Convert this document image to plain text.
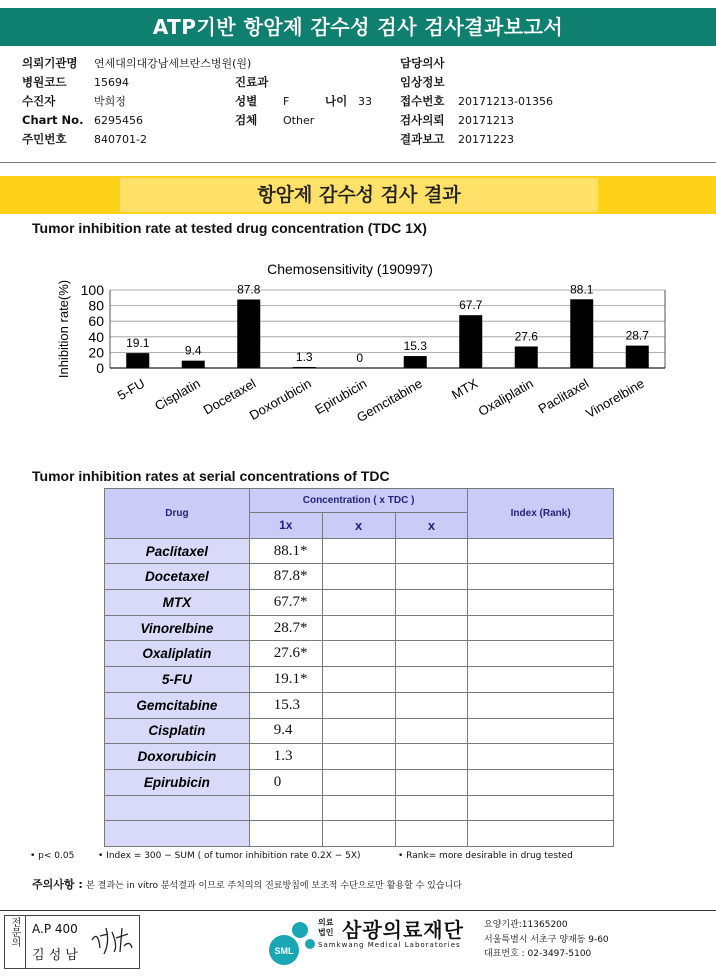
ATP기반 항암제 감수성 검사 검사결과보고서
의뢰기관명 연세대의대강남세브란스병원(원)
병원코드	15694
수진자	박희정
Chart No. 6295456
주민번호	840701-2
진료과
성별 F	나이 33
검체 Other
담당의사
임상정보
접수번호 20171213-01356
검사의뢰 20171213
결과보고 20171223
항암제 감수성 검사 결과
Tumor inhibition rate at tested drug concentration (TDC 1X)
Chemosensitivity (190997)
Inhibition rate(%) 0
20
40
60
80
100
19.1
5-FU
9.4
Cisplatin
87.8
Docetaxel
1.3
Doxorubicin
0
Epirubicin
15.3
Gemcitabine
67.7
MTX
27.6
Oxaliplatin
88.1
Paclitaxel
28.7
Vinorelbine
Tumor inhibition rates at serial concentrations of TDC
Drug	Concentration ( x TDC )			Index (Rank)
	1x	x	x	
Paclitaxel	88.1*			
Docetaxel	87.8*			
MTX	67.7*			
Vinorelbine	28.7*			
Oxaliplatin	27.6*			
5-FU	19.1*			
Gemcitabine	15.3			
Cisplatin	9.4			
Doxorubicin	1.3			
Epirubicin	0			

• p< 0.05	• Index = 300 − SUM ( of tumor inhibition rate 0.2X − 5X)	• Rank= more desirable in drug tested
주의사항 : 본 결과는 in vitro 분석결과 이므로 주치의의 진료방침에 보조적 수단으로만 활용할 수 있습니다
전문의	A.P 400
김 성 남	SML
의료 법인 삼광의료재단
Samkwang Medical Laboratories
요양기관:11365200
서울특별시 서초구 양재동 9-60
대표번호 : 02-3497-5100
